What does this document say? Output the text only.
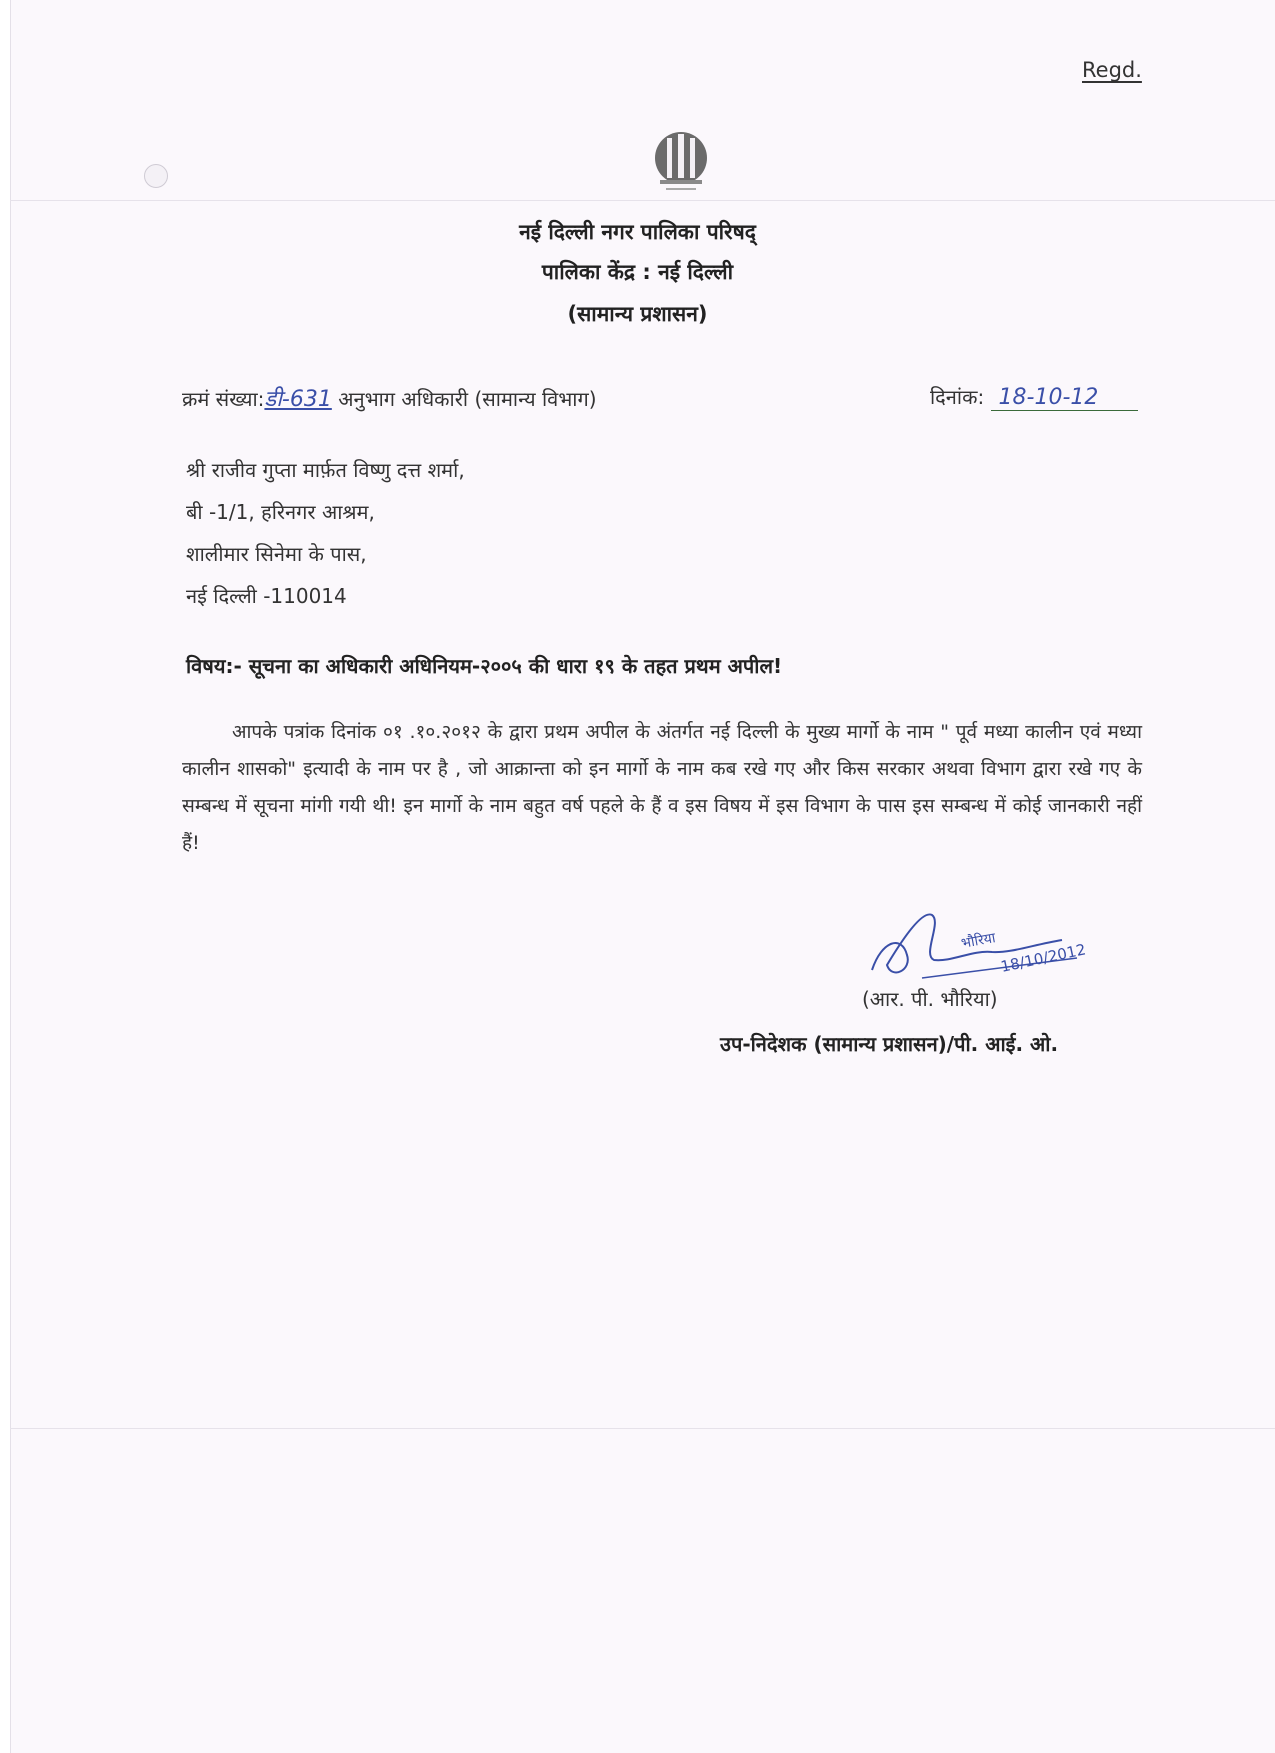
Regd.
नई दिल्ली नगर पालिका परिषद्
पालिका केंद्र : नई दिल्ली
(सामान्य प्रशासन)
क्रमं संख्या:डी-631 अनुभाग अधिकारी (सामान्य विभाग)	दिनांक: 18-10-12
श्री राजीव गुप्ता मार्फ़त विष्णु दत्त शर्मा,
बी -1/1, हरिनगर आश्रम,
शालीमार सिनेमा के पास,
नई दिल्ली -110014
विषय:- सूचना का अधिकारी अधिनियम-२००५ की धारा १९ के तहत प्रथम अपील!
आपके पत्रांक दिनांक ०१ .१०.२०१२ के द्वारा प्रथम अपील के अंतर्गत नई दिल्ली के मुख्य मार्गो के नाम " पूर्व मध्या कालीन एवं मध्या कालीन शासको" इत्यादी के नाम पर है , जो आक्रान्ता को इन मार्गो के नाम कब रखे गए और किस सरकार अथवा विभाग द्वारा रखे गए के सम्बन्ध में सूचना मांगी गयी थी! इन मार्गो के नाम बहुत वर्ष पहले के हैं व इस विषय में इस विभाग के पास इस सम्बन्ध में कोई जानकारी नहीं हैं!
भौरिया 18/10/2012
(आर. पी. भौरिया)
उप-निदेशक (सामान्य प्रशासन)/पी. आई. ओ.
